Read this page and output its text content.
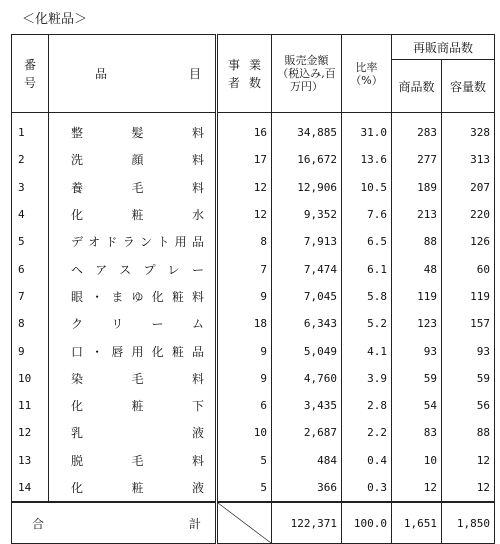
＜化粧品＞
番号	品　　目	事業者数	販売金額（税込み,百万円）	比率（%）	再販商品数	
					商品数	容量数
1	整髪料	16	34,885	31.0	283	328
2	洗顔料	17	16,672	13.6	277	313
3	養毛料	12	12,906	10.5	189	207
4	化粧水	12	9,352	7.6	213	220
5	デオドラント用品	8	7,913	6.5	88	126
6	ヘアスプレー	7	7,474	6.1	48	60
7	眼・まゆ化粧料	9	7,045	5.8	119	119
8	クリーム	18	6,343	5.2	123	157
9	口・唇用化粧品	9	5,049	4.1	93	93
10	染毛料	9	4,760	3.9	59	59
11	化粧下	6	3,435	2.8	54	56
12	乳液	10	2,687	2.2	83	88
13	脱毛料	5	484	0.4	10	12
14	化粧液	5	366	0.3	12	12
合　　計			122,371	100.0	1,651	1,850
